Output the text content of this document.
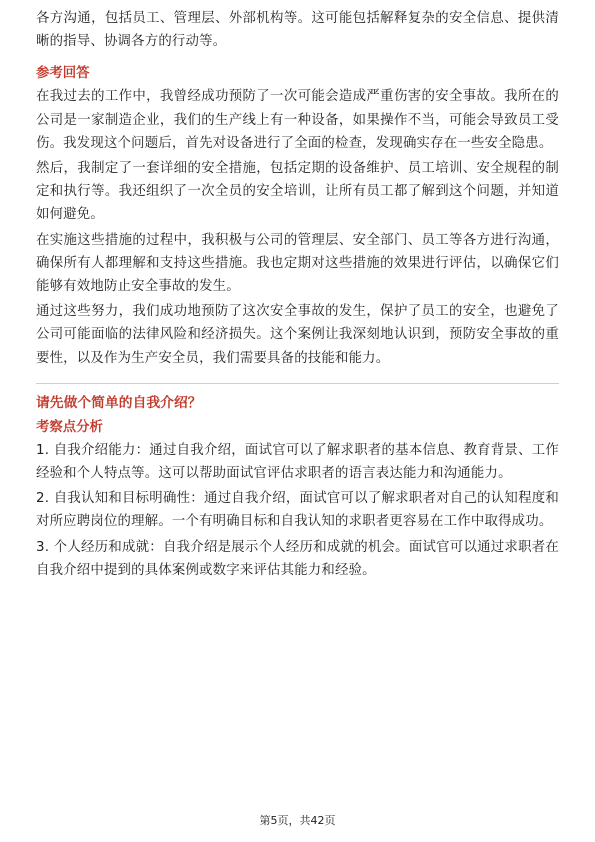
各方沟通，包括员工、管理层、外部机构等。这可能包括解释复杂的安全信息、提供清晰的指导、协调各方的行动等。

参考回答

在我过去的工作中，我曾经成功预防了一次可能会造成严重伤害的安全事故。我所在的公司是一家制造企业，我们的生产线上有一种设备，如果操作不当，可能会导致员工受伤。我发现这个问题后，首先对设备进行了全面的检查，发现确实存在一些安全隐患。

然后，我制定了一套详细的安全措施，包括定期的设备维护、员工培训、安全规程的制定和执行等。我还组织了一次全员的安全培训，让所有员工都了解到这个问题，并知道如何避免。

在实施这些措施的过程中，我积极与公司的管理层、安全部门、员工等各方进行沟通，确保所有人都理解和支持这些措施。我也定期对这些措施的效果进行评估，以确保它们能够有效地防止安全事故的发生。

通过这些努力，我们成功地预防了这次安全事故的发生，保护了员工的安全，也避免了公司可能面临的法律风险和经济损失。这个案例让我深刻地认识到，预防安全事故的重要性，以及作为生产安全员，我们需要具备的技能和能力。

请先做个简单的自我介绍？

考察点分析

1. 自我介绍能力：通过自我介绍，面试官可以了解求职者的基本信息、教育背景、工作经验和个人特点等。这可以帮助面试官评估求职者的语言表达能力和沟通能力。

2. 自我认知和目标明确性：通过自我介绍，面试官可以了解求职者对自己的认知程度和对所应聘岗位的理解。一个有明确目标和自我认知的求职者更容易在工作中取得成功。

3. 个人经历和成就：自我介绍是展示个人经历和成就的机会。面试官可以通过求职者在自我介绍中提到的具体案例或数字来评估其能力和经验。

第5页，共42页
